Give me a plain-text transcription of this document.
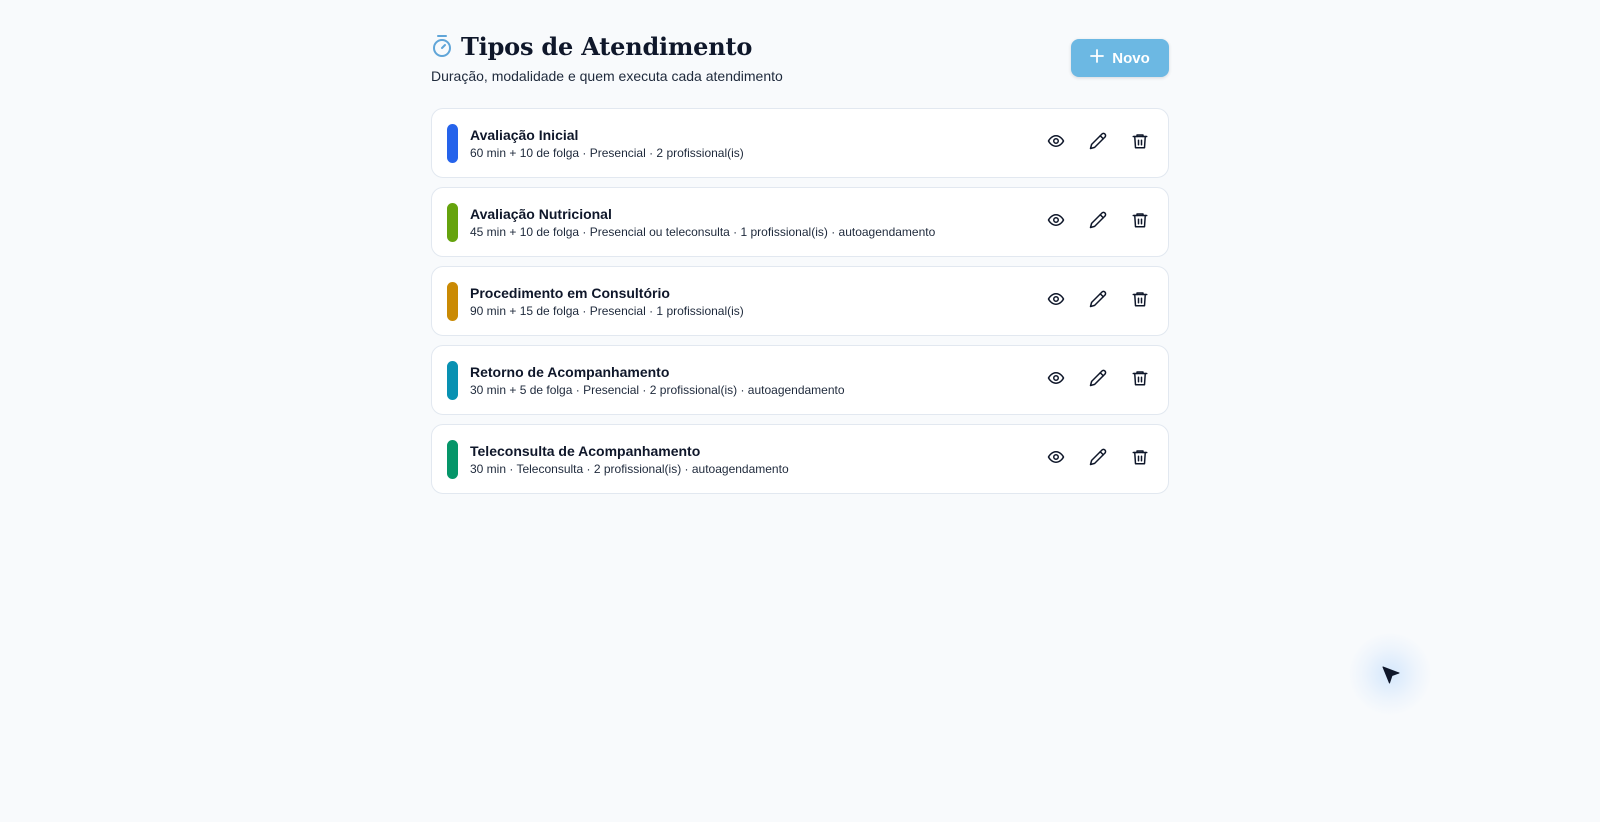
Tipos de Atendimento

Duração, modalidade e quem executa cada atendimento

Novo
Avaliação Inicial
60 min + 10 de folga · Presencial · 2 profissional(is)
Avaliação Nutricional
45 min + 10 de folga · Presencial ou teleconsulta · 1 profissional(is) · autoagendamento
Procedimento em Consultório
90 min + 15 de folga · Presencial · 1 profissional(is)
Retorno de Acompanhamento
30 min + 5 de folga · Presencial · 2 profissional(is) · autoagendamento
Teleconsulta de Acompanhamento
30 min · Teleconsulta · 2 profissional(is) · autoagendamento
